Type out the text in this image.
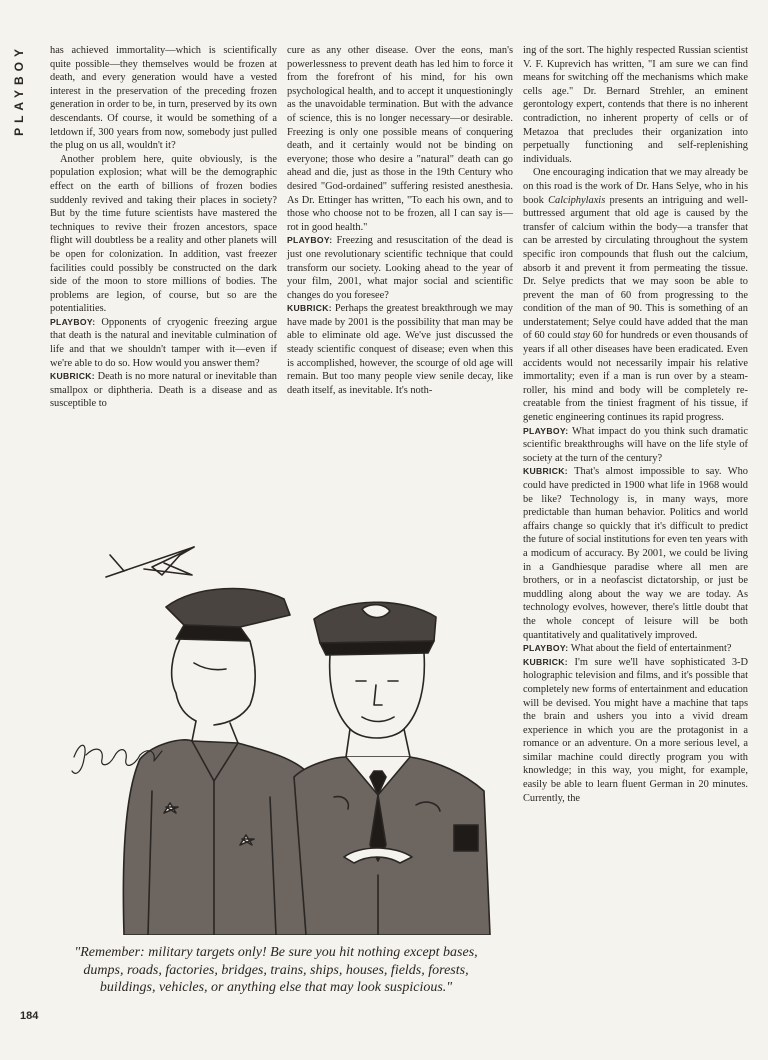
PLAYBOY	has achieved immortality—which is scientifically quite possible—they themselves would be frozen at death, and every generation would have a vested interest in the preservation of the preceding frozen generation in order to be, in turn, preserved by its own descendants. Of course, it would be something of a letdown if, 300 years from now, somebody just pulled the plug on us all, wouldn't it?

Another problem here, quite obviously, is the population explosion; what will be the demographic effect on the earth of billions of frozen bodies suddenly revived and taking their places in society? But by the time future scientists have mastered the techniques to revive their frozen ancestors, space flight will doubtless be a reality and other planets will be open for colonization. In addition, vast freezer facilities could possibly be constructed on the dark side of the moon to store millions of bodies. The problems are legion, of course, but so are the potentialities.

PLAYBOY: Opponents of cryogenic freezing argue that death is the natural and inevitable culmination of life and that we shouldn't tamper with it—even if we're able to do so. How would you answer them?

KUBRICK: Death is no more natural or inevitable than smallpox or diphtheria. Death is a disease and as susceptible to

cure as any other disease. Over the eons, man's powerlessness to prevent death has led him to force it from the forefront of his mind, for his own psychological health, and to accept it unquestioningly as the unavoidable termination. But with the advance of science, this is no longer necessary—or desirable. Freezing is only one possible means of conquering death, and it certainly would not be binding on everyone; those who desire a "natural" death can go ahead and die, just as those in the 19th Century who desired "God-ordained" suffering resisted anesthesia. As Dr. Ettinger has written, "To each his own, and to those who choose not to be frozen, all I can say is—rot in good health."

PLAYBOY: Freezing and resuscitation of the dead is just one revolutionary scientific technique that could transform our society. Looking ahead to the year of your film, 2001, what major social and scientific changes do you foresee?

KUBRICK: Perhaps the greatest breakthrough we may have made by 2001 is the possibility that man may be able to eliminate old age. We've just discussed the steady scientific conquest of disease; even when this is accomplished, however, the scourge of old age will remain. But too many people view senile decay, like death itself, as inevitable. It's noth-

ing of the sort. The highly respected Russian scientist V. F. Kuprevich has written, "I am sure we can find means for switching off the mechanisms which make cells age." Dr. Bernard Strehler, an eminent gerontology expert, contends that there is no inherent contradiction, no inherent property of cells or of Metazoa that precludes their organization into perpetually functioning and self-replenishing individuals.

One encouraging indication that we may already be on this road is the work of Dr. Hans Selye, who in his book Calciphylaxis presents an intriguing and well-buttressed argument that old age is caused by the transfer of calcium within the body—a transfer that can be arrested by circulating throughout the system specific iron compounds that flush out the calcium, absorb it and prevent it from permeating the tissue. Dr. Selye predicts that we may soon be able to prevent the man of 60 from progressing to the condition of the man of 90. This is something of an understatement; Selye could have added that the man of 60 could stay 60 for hundreds or even thousands of years if all other diseases have been eradicated. Even accidents would not necessarily impair his relative immortality; even if a man is run over by a steam-roller, his mind and body will be completely re-creatable from the tiniest fragment of his tissue, if genetic engineering continues its rapid progress.

PLAYBOY: What impact do you think such dramatic scientific breakthroughs will have on the life style of society at the turn of the century?

KUBRICK: That's almost impossible to say. Who could have predicted in 1900 what life in 1968 would be like? Technology is, in many ways, more predictable than human behavior. Politics and world affairs change so quickly that it's difficult to predict the future of social institutions for even ten years with a modicum of accuracy. By 2001, we could be living in a Gandhiesque paradise where all men are brothers, or in a neofascist dictatorship, or just be muddling along about the way we are today. As technology evolves, however, there's little doubt that the whole concept of leisure will be both quantitatively and qualitatively improved.

PLAYBOY: What about the field of entertainment?

KUBRICK: I'm sure we'll have sophisticated 3-D holographic television and films, and it's possible that completely new forms of entertainment and education will be devised. You might have a machine that taps the brain and ushers you into a vivid dream experience in which you are the protagonist in a romance or an adventure. On a more serious level, a similar machine could directly program you with knowledge; in this way, you might, for example, easily be able to learn fluent German in 20 minutes. Currently, the

"Remember: military targets only! Be sure you hit nothing except bases, dumps, roads, factories, bridges, trains, ships, houses, fields, forests, buildings, vehicles, or anything else that may look suspicious."
184
